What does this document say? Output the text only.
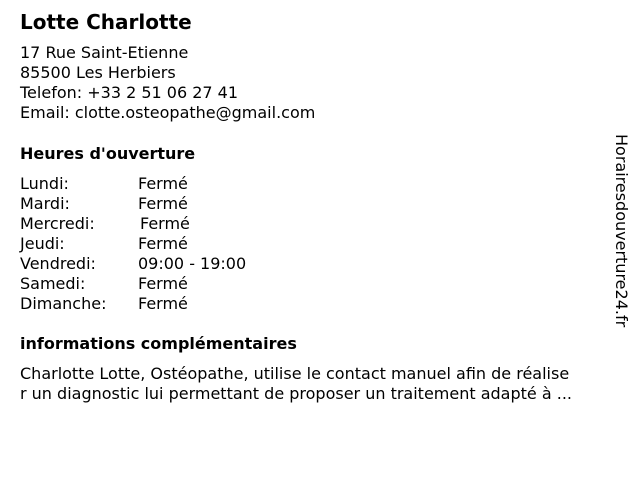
Lotte Charlotte
17 Rue Saint-Etienne
85500 Les Herbiers
Telefon: +33 2 51 06 27 41
Email: clotte.osteopathe@gmail.com
Heures d'ouverture
Lundi:	Fermé
Mardi:	Fermé
Mercredi:	Fermé
Jeudi:	Fermé
Vendredi:	09:00 - 19:00
Samedi:	Fermé
Dimanche: Fermé
informations complémentaires
Charlotte Lotte, Ostéopathe, utilise le contact manuel afin de réalise
r un diagnostic lui permettant de proposer un traitement adapté à ...
Horairesdouverture24.fr
